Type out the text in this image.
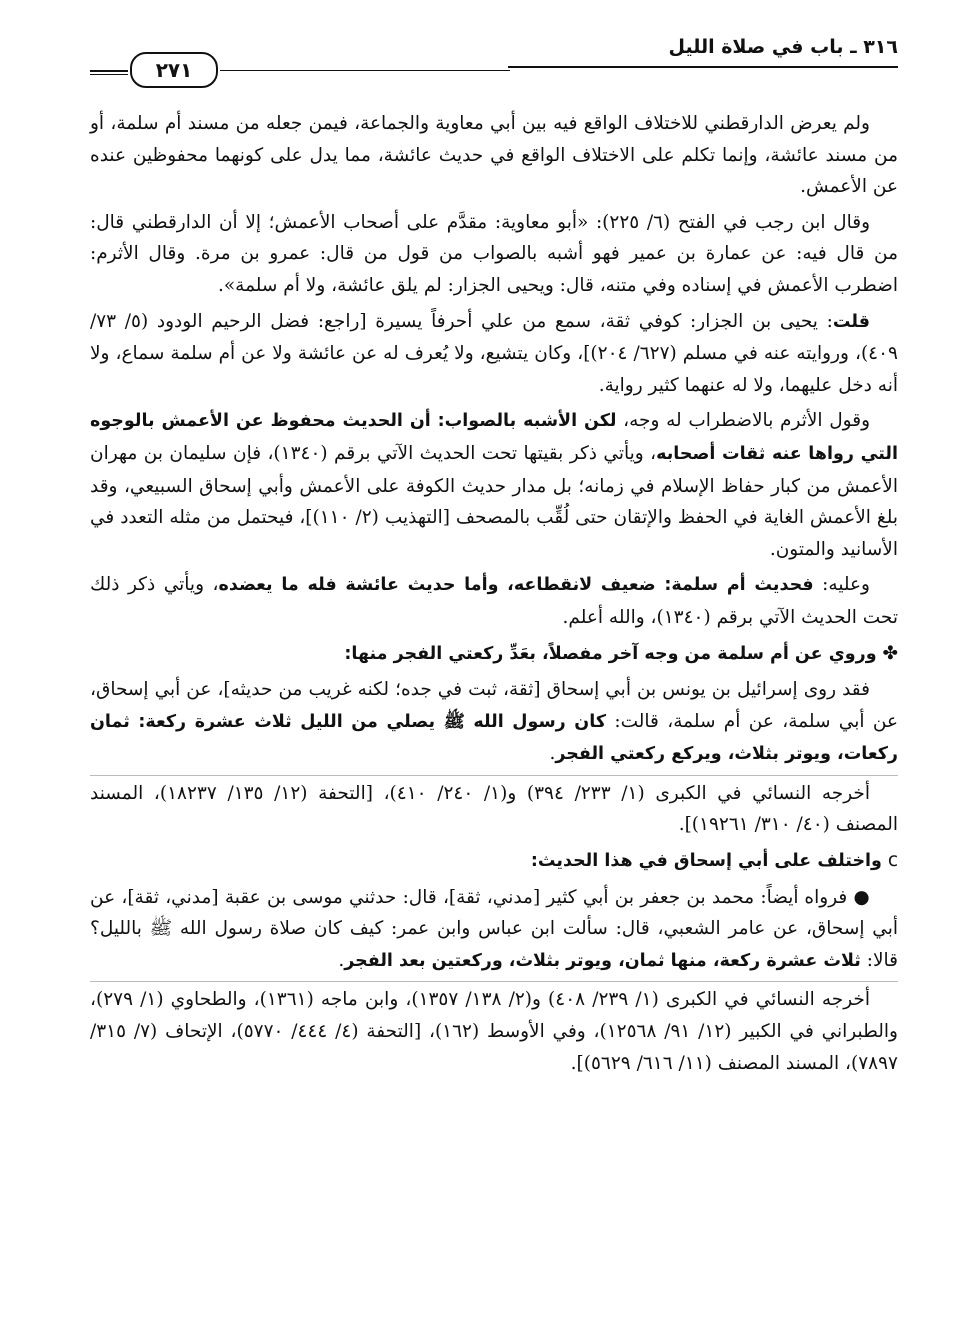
٣١٦ ـ باب في صلاة الليل
٢٧١

ولم يعرض الدارقطني للاختلاف الواقع فيه بين أبي معاوية والجماعة، فيمن جعله من مسند أم سلمة، أو من مسند عائشة، وإنما تكلم على الاختلاف الواقع في حديث عائشة، مما يدل على كونهما محفوظين عنده عن الأعمش.

وقال ابن رجب في الفتح (٦/ ٢٢٥): «أبو معاوية: مقدَّم على أصحاب الأعمش؛ إلا أن الدارقطني قال: من قال فيه: عن عمارة بن عمير فهو أشبه بالصواب من قول من قال: عمرو بن مرة. وقال الأثرم: اضطرب الأعمش في إسناده وفي متنه، قال: ويحيى الجزار: لم يلق عائشة، ولا أم سلمة».

قلت: يحيى بن الجزار: كوفي ثقة، سمع من علي أحرفاً يسيرة [راجع: فضل الرحيم الودود (٥/ ٧٣/ ٤٠٩)، وروايته عنه في مسلم (٦٢٧/ ٢٠٤)]، وكان يتشيع، ولا يُعرف له عن عائشة ولا عن أم سلمة سماع، ولا أنه دخل عليهما، ولا له عنهما كثير رواية.

وقول الأثرم بالاضطراب له وجه، لكن الأشبه بالصواب: أن الحديث محفوظ عن الأعمش بالوجوه التي رواها عنه ثقات أصحابه، ويأتي ذكر بقيتها تحت الحديث الآتي برقم (١٣٤٠)، فإن سليمان بن مهران الأعمش من كبار حفاظ الإسلام في زمانه؛ بل مدار حديث الكوفة على الأعمش وأبي إسحاق السبيعي، وقد بلغ الأعمش الغاية في الحفظ والإتقان حتى لُقِّب بالمصحف [التهذيب (٢/ ١١٠)]، فيحتمل من مثله التعدد في الأسانيد والمتون.

وعليه: فحديث أم سلمة: ضعيف لانقطاعه، وأما حديث عائشة فله ما يعضده، ويأتي ذكر ذلك تحت الحديث الآتي برقم (١٣٤٠)، والله أعلم.

✤ وروي عن أم سلمة من وجه آخر مفصلاً، بعَدِّ ركعتي الفجر منها:

فقد روى إسرائيل بن يونس بن أبي إسحاق [ثقة، ثبت في جده؛ لكنه غريب من حديثه]، عن أبي إسحاق، عن أبي سلمة، عن أم سلمة، قالت: كان رسول الله ﷺ يصلي من الليل ثلاث عشرة ركعة: ثمان ركعات، ويوتر بثلاث، ويركع ركعتي الفجر.

أخرجه النسائي في الكبرى (١/ ٢٣٣/ ٣٩٤) و(١/ ٢٤٠/ ٤١٠)، [التحفة (١٢/ ١٣٥/ ١٨٢٣٧)، المسند المصنف (٤٠/ ٣١٠/ ١٩٢٦١)].

ᴄ واختلف على أبي إسحاق في هذا الحديث:

● فرواه أيضاً: محمد بن جعفر بن أبي كثير [مدني، ثقة]، قال: حدثني موسى بن عقبة [مدني، ثقة]، عن أبي إسحاق، عن عامر الشعبي، قال: سألت ابن عباس وابن عمر: كيف كان صلاة رسول الله ﷺ بالليل؟ قالا: ثلاث عشرة ركعة، منها ثمان، ويوتر بثلاث، وركعتين بعد الفجر.

أخرجه النسائي في الكبرى (١/ ٢٣٩/ ٤٠٨) و(٢/ ١٣٨/ ١٣٥٧)، وابن ماجه (١٣٦١)، والطحاوي (١/ ٢٧٩)، والطبراني في الكبير (١٢/ ٩١/ ١٢٥٦٨)، وفي الأوسط (١٦٢)، [التحفة (٤/ ٤٤٤/ ٥٧٧٠)، الإتحاف (٧/ ٣١٥/ ٧٨٩٧)، المسند المصنف (١١/ ٦١٦/ ٥٦٢٩)].
